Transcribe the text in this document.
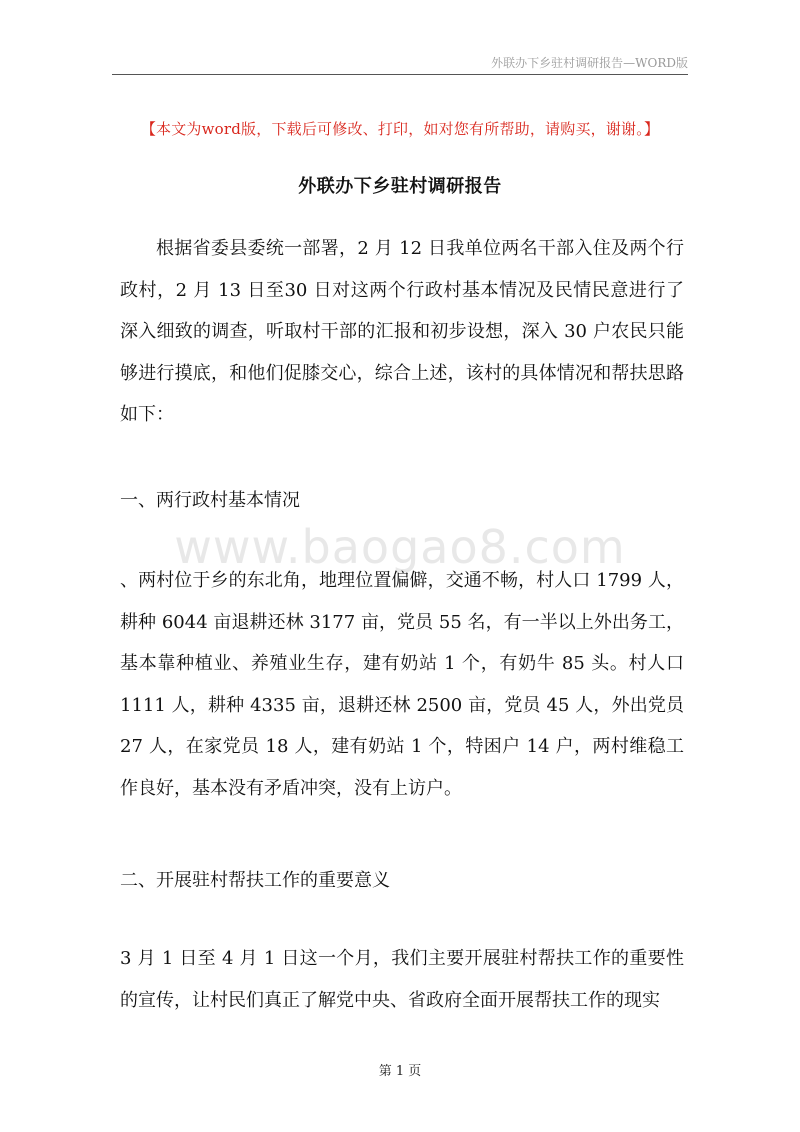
外联办下乡驻村调研报告—WORD版
【本文为word版，下载后可修改、打印，如对您有所帮助，请购买，谢谢。】
外联办下乡驻村调研报告

根据省委县委统一部署，2 月 12 日我单位两名干部入住及两个行政村，2 月 13 日至30 日对这两个行政村基本情况及民情民意进行了深入细致的调查，听取村干部的汇报和初步设想，深入 30 户农民只能够进行摸底，和他们促膝交心，综合上述，该村的具体情况和帮扶思路如下：

一、两行政村基本情况

www.baogao8.com

、两村位于乡的东北角，地理位置偏僻，交通不畅，村人口 1799 人，耕种 6044 亩退耕还林 3177 亩，党员 55 名，有一半以上外出务工，基本靠种植业、养殖业生存，建有奶站 1 个，有奶牛 85 头。村人口 1111 人，耕种 4335 亩，退耕还林 2500 亩，党员 45 人，外出党员 27 人，在家党员 18 人，建有奶站 1 个，特困户 14 户，两村维稳工作良好，基本没有矛盾冲突，没有上访户。

二、开展驻村帮扶工作的重要意义

3 月 1 日至 4 月 1 日这一个月，我们主要开展驻村帮扶工作的重要性的宣传，让村民们真正了解党中央、省政府全面开展帮扶工作的现实

第 1 页
